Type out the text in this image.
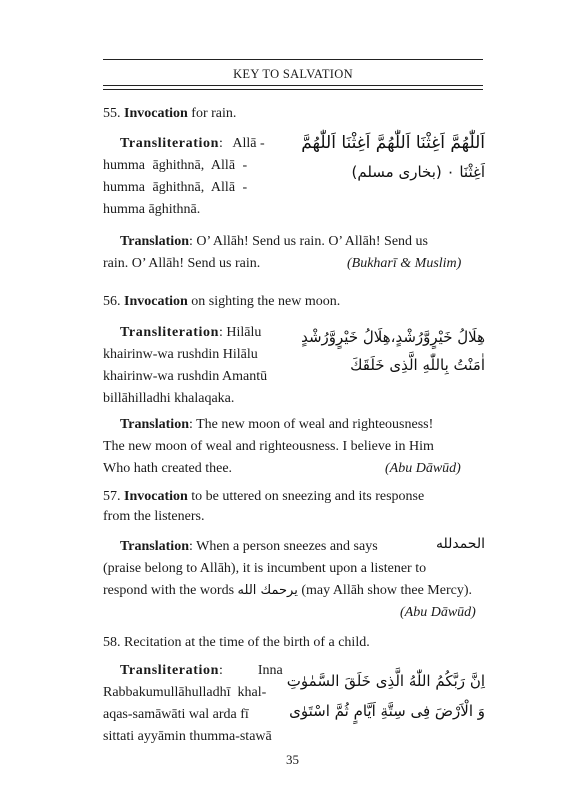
KEY TO SALVATION
55. Invocation for rain.
Transliteration: Allā -
humma āghithnā, Allā -
humma āghithnā, Allā -
humma āghithnā.
اَللّٰهُمَّ اَغِثْنَا اَللّٰهُمَّ اَغِثْنَا اَللّٰهُمَّ
اَغِثْنَا ۰ (بخاری مسلم)
Translation: O’ Allāh! Send us rain. O’ Allāh! Send us
rain. O’ Allāh! Send us rain.	(Bukharī & Muslim)
56. Invocation on sighting the new moon.
Transliteration: Hilālu
khairinw-wa rushdin Hilālu
khairinw-wa rushdin Amantū
billāhilladhi khalaqaka.
هِلَالُ خَيْرٍوَّرُشْدٍ،هِلَالُ خَيْرٍوَّرُشْدٍ
اٰمَنْتُ بِاللّٰهِ الَّذِى خَلَقَكَ
Translation: The new moon of weal and righteousness!
The new moon of weal and righteousness. I believe in Him
Who hath created thee.	(Abu Dāwūd)
57. Invocation to be uttered on sneezing and its response
from the listeners.
Translation: When a person sneezes and says	الحمدلله
(praise belong to Allāh), it is incumbent upon a listener to
respond with the words يرحمك الله (may Allāh show thee Mercy).
(Abu Dāwūd)
58. Recitation at the time of the birth of a child.
Transliteration:          Inna
Rabbakumullāhulladhī  khal-
aqas-samāwāti wal arda fī
sittati ayyāmin thumma-stawā
اِنَّ رَبَّكُمُ اللّٰهُ الَّذِى خَلَقَ السَّمٰوٰتِ
وَ الْاَرْضَ فِى سِتَّةِ اَيَّامٍ ثُمَّ اسْتَوٰى
35
